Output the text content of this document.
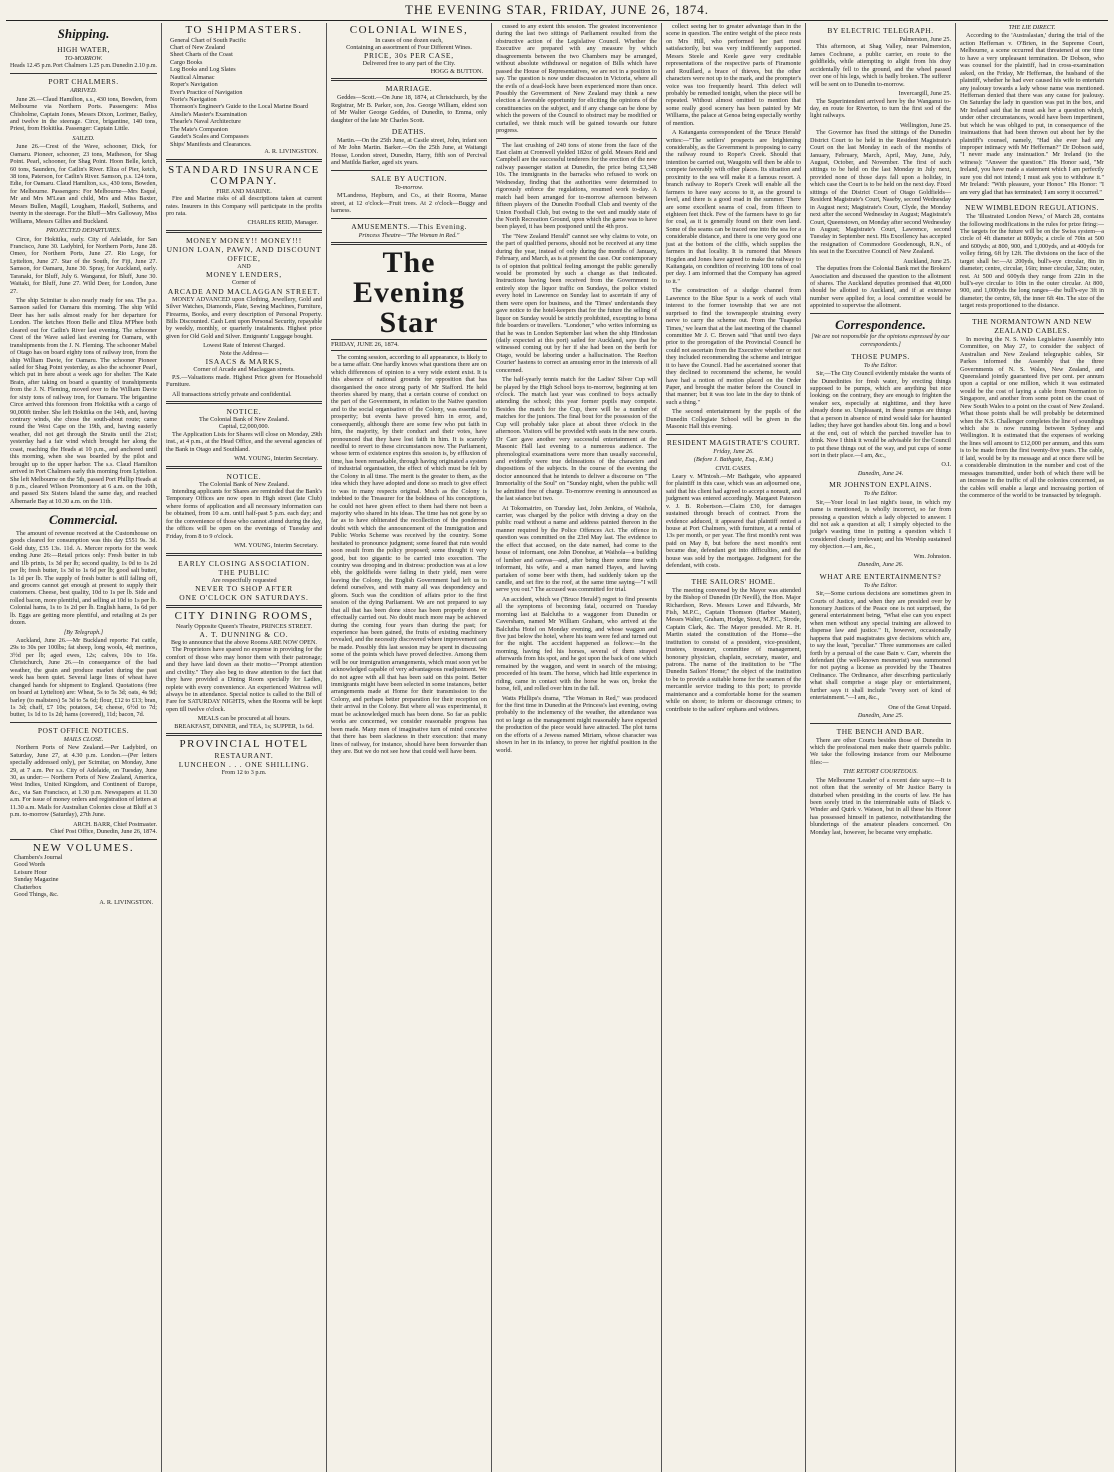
THE EVENING STAR, FRIDAY, JUNE 26, 1874.
Shipping.
HIGH WATER,
TO-MORROW.
Heads 12.45 p.m. Port Chalmers 1.25 p.m. Dunedin 2.10 p.m.
PORT CHALMERS.
ARRIVED.

June 26.—Claud Hamilton, s.s., 430 tons, Bowden, from Melbourne via Northern Ports. Passengers: Miss Chisholme, Captain Jones, Messrs Dixon, Lorimer, Bailey, and twelve in the steerage. Circe, brigantine, 140 tons, Priest, from Hokitika. Passenger: Captain Little.

SAILED.

June 26.—Crest of the Wave, schooner, Dick, for Oamaru. Pioneer, schooner, 23 tons, Matheson, for Shag Point. Pearl, schooner, for Shag Point. Hoon Belle, ketch, 60 tons, Saunders, for Catlin's River. Eliza of Pier, ketch, 38 tons, Paterson, for Catlin's River. Samson, p.s. 124 tons, Edie, for Oamaru. Claud Hamilton, s.s., 430 tons, Bowden, for Melbourne. Passengers: For Melbourne—Mrs Esqué, Mr and Mrs M'Lean and child, Mrs and Miss Baxter, Messrs Bullen, Magill, Lougham, Haskell, Sutherns, and twenty in the steerage. For the Bluff—Mrs Galloway, Miss Williams, Messrs Gillies and Buckland.

PROJECTED DEPARTURES.

Circe, for Hokitika, early. City of Adelaide, for San Francisco, June 30. Ladybird, for Northern Ports, June 28. Omeo, for Northern Ports, June 27. Rio Loge, for Lyttelton, June 27. Star of the South, for Fiji, June 27. Samson, for Oamaru, June 30. Spray, for Auckland, early. Taranaki, for Bluff, July 6. Wanganui, for Bluff, June 30. Waitaki, for Bluff, June 27. Wild Deer, for London, June 27.

The ship Scimitar is also nearly ready for sea. The p.s. Samson sailed for Oamaru this morning. The ship Wild Deer has her sails almost ready for her departure for London. The ketches Hoon Belle and Eliza M'Phee both cleared out for Catlin's River last evening. The schooner Crest of the Wave sailed last evening for Oamaru, with transhipments from the J. N. Fleming. The schooner Mabel of Otago has on board eighty tons of railway iron, from the ship William Davie, for Oamaru. The schooner Pioneer sailed for Shag Point yesterday, as also the schooner Pearl, which put in here about a week ago for shelter. The Kate Brain, after taking on board a quantity of transhipments from the J. N. Fleming, moved over to the William Davie for sixty tons of railway iron, for Oamaru. The brigantine Circe arrived this forenoon from Hokitika with a cargo of 90,000ft timber. She left Hokitika on the 14th, and, having contrary winds, she chose the south-about route; came round the West Cape on the 19th, and, having easterly weather, did not get through the Straits until the 21st; yesterday had a fair wind which brought her along the coast, reaching the Heads at 10 p.m., and anchored until this morning, when she was boarded by the pilot and brought up to the upper harbor. The s.s. Claud Hamilton arrived in Port Chalmers early this morning from Lyttelton. She left Melbourne on the 5th, passed Port Phillip Heads at 8 p.m., cleared Wilson Promontory at 6 a.m. on the 10th, and passed Six Sisters Island the same day, and reached Albemarle Bay at 10.30 a.m. on the 11th.

Commercial.

The amount of revenue received at the Customhouse on goods cleared for consumption was this day £551 9s. 3d. Gold duty, £35 13s. 11d. A. Mercer reports for the week ending June 26:—Retail prices only: Fresh butter in tub and 1lb prints, 1s 3d per lb; second quality, 1s 0d to 1s 2d per lb; fresh butter, 1s 3d to 1s 6d per lb; good salt butter, 1s 1d per lb. The supply of fresh butter is still falling off, and grocers cannot get enough at present to supply their customers. Cheese, best quality, 10d to 1s per lb. Side and rolled bacon, more plentiful, and selling at 10d to 1s per lb. Colonial hams, 1s to 1s 2d per lb. English hams, 1s 6d per lb. Eggs are getting more plentiful, and retailing at 2s per dozen.

[By Telegraph.]

Auckland, June 26.—Mr Buckland reports: Fat cattle, 29s to 30s per 100lbs; fat sheep, long wools, 4d; merinos, 3½d per lb; aged ewes, 12s; calves, 10s to 16s. Christchurch, June 26.—In consequence of the bad weather, the grain and produce market during the past week has been quiet. Several large lines of wheat have changed hands for shipment to England. Quotations (free on board at Lyttelton) are: Wheat, 5s to 5s 3d; oats, 4s 9d; barley (to maltsters) 5s 3d to 5s 6d; flour, £12 to £13; bran, 1s 3d; chaff, £7 10s; potatoes, £4; cheese, 6½d to 7d; butter, 1s 1d to 1s 2d; hams (covered), 11d; bacon, 7d.

POST OFFICE NOTICES.
MAILS CLOSE.

Northern Ports of New Zealand.—Per Ladybird, on Saturday, June 27, at 4.30 p.m. London.—(Per letters specially addressed only), per Scimitar, on Monday, June 29, at 7 a.m. Per s.s. City of Adelaide, on Tuesday, June 30, as under:— Northern Ports of New Zealand, America, West Indies, United Kingdom, and Continent of Europe, &c., via San Francisco, at 1.30 p.m. Newspapers at 11.30 a.m. For issue of money orders and registration of letters at 11.30 a.m. Mails for Australian Colonies close at Bluff at 3 p.m. to-morrow (Saturday), 27th June.

ARCH. BARR, Chief Postmaster.
Chief Post Office, Dunedin, June 26, 1874.
NEW VOLUMES.
Chambers's Journal
Good Words
Leisure Hour
Sunday Magazine
Chatterbox
Good Things, &c.
A. R. LIVINGSTON.
TO SHIPMASTERS.
General Chart of South Pacific
Chart of New Zealand
Sheet Charts of the Coast
Cargo Books
Log Books and Log Slates
Nautical Almanac
Roper's Navigation
Ever's Practice of Navigation
Norie's Navigation
Thomson's Engineer's Guide to the Local Marine Board
Ainslie's Master's Examination
Thearle's Naval Architecture
The Mate's Companion
Gaudet's Scales and Compasses
Ships' Manifests and Clearances.
A. R. LIVINGSTON.
STANDARD INSURANCE COMPANY.
FIRE AND MARINE.

Fire and Marine risks of all descriptions taken at current rates. Insurers in this Company will participate in the profits pro rata.

CHARLES REID, Manager.
MONEY MONEY!! MONEY!!!
UNION LOAN, PAWN, AND DISCOUNT OFFICE,
AND
MONEY LENDERS,
Corner of
ARCADE AND MACLAGGAN STREET.

MONEY ADVANCED upon Clothing, Jewellery, Gold and Silver Watches, Diamonds, Plate, Sewing Machines, Furniture, Firearms, Books, and every description of Personal Property. Bills Discounted. Cash Lent upon Personal Security, repayable by weekly, monthly, or quarterly instalments. Highest price given for Old Gold and Silver. Emigrants' Luggage bought.

Lowest Rate of Interest Charged.
Note the Address—
ISAACS & MARKS,
Corner of Arcade and Maclaggan streets.

P.S.—Valuations made. Highest Price given for Household Furniture.

All transactions strictly private and confidential.

NOTICE.
The Colonial Bank of New Zealand.
Capital, £2,000,000.

The Application Lists for Shares will close on Monday, 29th inst., at 4 p.m., at the Head Office, and the several agencies of the Bank in Otago and Southland.

WM. YOUNG, Interim Secretary.
NOTICE.
The Colonial Bank of New Zealand.

Intending applicants for Shares are reminded that the Bank's Temporary Offices are now open in High street (late Club) where forms of application and all necessary information can be obtained, from 10 a.m. until half-past 5 p.m. each day; and for the convenience of those who cannot attend during the day, the offices will be open on the evenings of Tuesday and Friday, from 8 to 9 o'clock.

WM. YOUNG, Interim Secretary.
EARLY CLOSING ASSOCIATION.
THE PUBLIC
Are respectfully requested
NEVER TO SHOP AFTER
ONE O'CLOCK ON SATURDAYS.
CITY DINING ROOMS,
Nearly Opposite Queen's Theatre, PRINCES STREET.
A. T. DUNNING & CO.
Beg to announce that the above Rooms ARE NOW OPEN.

The Proprietors have spared no expense in providing for the comfort of those who may honor them with their patronage; and they have laid down as their motto—"Prompt attention and civility." They also beg to draw attention to the fact that they have provided a Dining Room specially for Ladies, replete with every convenience. An experienced Waitress will always be in attendance. Special notice is called to the Bill of Fare for SATURDAY NIGHTS, when the Rooms will be kept open till twelve o'clock.

MEALS can be procured at all hours.
BREAKFAST, DINNER, and TEA, 1s; SUPPER, 1s 6d.
PROVINCIAL HOTEL
RESTAURANT.
LUNCHEON . . . ONE SHILLING.
From 12 to 3 p.m.
COLONIAL WINES,
In cases of one dozen each,
Containing an assortment of Four Different Wines.
PRICE, 30s PER CASE,
Delivered free to any part of the City.
HOGG & BUTTON.
MARRIAGE.

Geddes—Scott.—On June 18, 1874, at Christchurch, by the Registrar, Mr B. Parker, son, Jos. George William, eldest son of Mr Walter George Geddes, of Dunedin, to Emma, only daughter of the late Mr Charles Scott.

DEATHS.

Martin.—On the 25th June, at Castle street, John, infant son of Mr John Martin. Barker.—On the 25th June, at Waitangi House, London street, Dunedin, Harry, fifth son of Percival and Matilda Barker, aged six years.

SALE BY AUCTION.
To-morrow.

M'Landress, Hepburn, and Co., at their Rooms, Manse street, at 12 o'clock—Fruit trees. At 2 o'clock—Buggy and harness.

AMUSEMENTS.—This Evening.
Princess Theatre—"The Woman in Red."
The Evening Star
FRIDAY, JUNE 26, 1874.

The coming session, according to all appearance, is likely to be a tame affair. One hardly knows what questions there are on which differences of opinion to a very wide extent exist. It is this absence of national grounds for opposition that has disorganised the once strong party of Mr Stafford. He held theories shared by many, that a certain course of conduct on the part of the Government, in relation to the Native question and to the social organisation of the Colony, was essential to prosperity; but events have proved him in error, and, consequently, although there are some few who put faith in him, the majority, by their conduct and their votes, have pronounced that they have lost faith in him. It is scarcely needful to revert to these circumstances now. The Parliament, whose term of existence expires this session is, by effluxion of time, has been remarkable, through having originated a system of industrial organisation, the effect of which must be felt by the Colony in all time. The merit is the greater to them, as the idea which they have adopted and done so much to give effect to was in many respects original. Much as the Colony is indebted to the Treasurer for the boldness of his conceptions, he could not have given effect to them had there not been a majority who shared in his ideas. The time has not gone by so far as to have obliterated the recollection of the ponderous doubt with which the announcement of the Immigration and Public Works Scheme was received by the country. Some hesitated to pronounce judgment; some feared that ruin would soon result from the policy proposed; some thought it very good, but too gigantic to be carried into execution. The country was drooping and in distress: production was at a low ebb, the goldfields were failing in their yield, men were leaving the Colony, the English Government had left us to defend ourselves, and with many all was despondency and gloom. Such was the condition of affairs prior to the first session of the dying Parliament. We are not prepared to say that all that has been done since has been properly done or effectually carried out. No doubt much more may be achieved during the coming four years than during the past; for experience has been gained, the fruits of existing machinery revealed, and the necessity discovered where improvement can be made. Possibly this last session may be spent in discussing some of the points which have proved defective. Among them will be our immigration arrangements, which must soon yet be acknowledged capable of very advantageous readjustment. We do not agree with all that has been said on this point. Better immigrants might have been selected in some instances, better arrangements made at Home for their transmission to the Colony, and perhaps better preparation for their reception on their arrival in the Colony. But where all was experimental, it must be acknowledged much has been done. So far as public works are concerned, we consider reasonable progress has been made. Many men of imaginative turn of mind conceive that there has been slackness in their execution: that many lines of railway, for instance, should have been forwarder than they are. But we do not see how that could well have been.

cussed to any extent this session. The greatest inconvenience during the last two sittings of Parliament resulted from the obstructive action of the Legislative Council. Whether the Executive are prepared with any measure by which disagreements between the two Chambers may be arranged, without absolute withdrawal or negation of Bills which have passed the House of Representatives, we are not in a position to say. The question is now under discussion in Victoria, where all the evils of a dead-lock have been experienced more than once. Possibly the Government of New Zealand may think a new election a favorable opportunity for eliciting the opinions of the constituencies on the subject, and if any change can be done by which the powers of the Council to obstruct may be modified or curtailed, we think much will be gained towards our future progress.

The last crushing of 240 tons of stone from the face of the East claim at Cromwell yielded 182oz of gold. Messrs Reid and Campbell are the successful tenderers for the erection of the new railway passenger station at Dunedin, the price being £3,348 10s. The immigrants in the barracks who refused to work on Wednesday, finding that the authorities were determined to rigorously enforce the regulations, resumed work to-day. A match had been arranged for to-morrow afternoon between fifteen players of the Dunedin Football Club and twenty of the Union Football Club, but owing to the wet and muddy state of the North Recreation Ground, upon which the game was to have been played, it has been postponed until the 4th prox.

The "New Zealand Herald" cannot see why claims to vote, on the part of qualified persons, should not be received at any time during the year, instead of only during the months of January, February, and March, as is at present the case. Our contemporary is of opinion that political feeling amongst the public generally would be promoted by such a change as that indicated. Instructions having been received from the Government to entirely stop the liquor traffic on Sundays, the police visited every hotel in Lawrence on Sunday last to ascertain if any of them were open for business, and the 'Times' understands they gave notice to the hotel-keepers that for the future the selling of liquor on Sunday would be strictly prohibited, excepting to bona fide boarders or travellers. "Londoner," who writes informing us that he was in London September last when the ship Hindostan (daily expected at this port) sailed for Auckland, says that he witnessed coming out by her if she had been on the berth for Otago, would be laboring under a hallucination. The Reefton Courier' hastens to correct an amusing error in the interests of all concerned.

The half-yearly tennis match for the Ladies' Silver Cup will be played by the High School boys to-morrow, beginning at ten o'clock. The match last year was confined to boys actually attending the school; this year former pupils may compete. Besides the match for the Cup, there will be a number of matches for the juniors. The final bout for the possession of the Cup will probably take place at about three o'clock in the afternoon. Visitors will be provided with seats in the new courts. Dr Carr gave another very successful entertainment at the Masonic Hall last evening to a numerous audience. The phrenological examinations were more than usually successful, and evidently were true delineations of the characters and dispositions of the subjects. In the course of the evening the doctor announced that he intends to deliver a discourse on "The Immortality of the Soul" on "Sunday night, when the public will be admitted free of charge. To-morrow evening is announced as the last séance but two.

At Tokomairiro, on Tuesday last, John Jenkins, of Waihola, carrier, was charged by the police with driving a dray on the public road without a name and address painted thereon in the manner required by the Police Offences Act. The offence in question was committed on the 23rd May last. The evidence to the effect that accused, on the date named, had come to the house of informant, one John Donohue, at Waihola—a building of lumber and canvas—and, after being there some time with informant, his wife, and a man named Hayes, and having partaken of some beer with them, had suddenly taken up the candle, and set fire to the roof, at the same time saying—"I will serve you out." The accused was committed for trial.

An accident, which we ('Bruce Herald') regret to find presents all the symptoms of becoming fatal, occurred on Tuesday morning last at Balclutha to a waggoner from Dunedin or Caversham, named Mr William Graham, who arrived at the Balclutha Hotel on Monday evening, and whose waggon and five just below the hotel, where his team were fed and turned out for the night. The accident happened as follows:—In the morning, having fed his horses, several of them strayed afterwards from his spot, and he got upon the back of one which remained by the waggon, and went in search of the missing; proceeded of his team. The horse, which had little experience in riding, came in contact with the horse he was on, broke the horse, fell, and rolled over him in the fall.

Watts Phillips's drama, "The Woman in Red," was produced for the first time in Dunedin at the Princess's last evening, owing probably to the inclemency of the weather, the attendance was not so large as the management might reasonably have expected the production of the piece would have attracted. The plot turns on the efforts of a Jewess named Miriam, whose character was shown in her in its infancy, to prove her rightful position in the world.

collect seeing her to greater advantage than in the scene in question. The entire weight of the piece rests on Mrs Hill, who performed her part most satisfactorily, but was very indifferently supported. Messrs Steele and Keele gave very creditable representations of the respective parts of Firamonte and Rouillard, a brace of thieves, but the other characters were not up to the mark, and the prompter's voice was too frequently heard. This defect will probably be remedied tonight, when the piece will be repeated. Without almost omitted to mention that some really good scenery has been painted by Mr Williams, the palace at Genoa being especially worthy of mention.

A Katanganta correspondent of the 'Bruce Herald' writes:—"The settlers' prospects are brightening considerably, as the Government is proposing to carry the railway round to Roper's Creek. Should that intention be carried out, Waugoitu will then be able to compete favorably with other places. Its situation and proximity to the sea will make it a famous resort. A branch railway to Roper's Creek will enable all the farmers to have easy access to it, as the ground is level, and there is a good road in the summer. There are some excellent seams of coal, from fifteen to eighteen feet thick. Few of the farmers have to go far for coal, as it is generally found on their own land. Some of the seams can be traced one into the sea for a considerable distance, and there is one very good one just at the bottom of the cliffs, which supplies the farmers in that locality. It is rumored that Messrs Hogden and Jones have agreed to make the railway to Kaitangata, on condition of receiving 100 tons of coal per day. I am informed that the Company has agreed to it."

The construction of a sludge channel from Lawrence to the Blue Spur is a work of such vital interest to the former township that we are not surprised to find the townspeople straining every nerve to carry the scheme out. From the 'Tuapeka Times,' we learn that at the last meeting of the channel committee Mr J. C. Brown said "that until two days prior to the prorogation of the Provincial Council he could not ascertain from the Executive whether or not they included recommending the scheme and intrigue it to have the Council. Had he ascertained sooner that they declined to recommend the scheme, he would have had a notion of motion placed on the Order Paper, and brought the matter before the Council in that manner; but it was too late in the day to think of such a thing."

The second entertainment by the pupils of the Dunedin Collegiate School will be given in the Masonic Hall this evening.

RESIDENT MAGISTRATE'S COURT.
Friday, June 26.
(Before J. Bathgate, Esq., R.M.)
CIVIL CASES.

Leary v. M'Intosh.—Mr Bathgate, who appeared for plaintiff in this case, which was an adjourned one, said that his client had agreed to accept a nonsuit, and judgment was entered accordingly. Margaret Paterson v. J. B. Robertson.—Claim £30, for damages sustained through breach of contract. From the evidence adduced, it appeared that plaintiff rented a house at Port Chalmers, with furniture, at a rental of 13s per month, or per year. The first month's rent was paid on May 8, but before the next month's rent became due, defendant got into difficulties, and the house was sold by the mortgagee. Judgment for the defendant, with costs.

THE SAILORS' HOME.

The meeting convened by the Mayor was attended by the Bishop of Dunedin (Dr Nevill), the Hon. Major Richardson, Revs. Messrs Lowe and Edwards, Mr Fish, M.P.C., Captain Thomson (Harbor Master), Messrs Walter, Graham, Hodge, Stout, M.P.C., Strode, Captain Clark, &c. The Mayor presided. Mr R. H. Martin stated the constitution of the Home—the institution to consist of a president, vice-president, trustees, treasurer, committee of management, honorary physician, chaplain, secretary, master, and patrons. The name of the institution to be "The Dunedin Sailors' Home;" the object of the institution to be to provide a suitable home for the seamen of the mercantile service trading to this port; to provide maintenance and a comfortable home for the seamen while on shore; to inform or discourage crimes; to contribute to the sailors' orphans and widows.

BY ELECTRIC TELEGRAPH.
Palmerston, June 25.

This afternoon, at Shag Valley, near Palmerston, James Cochrane, a public carrier, en route to the goldfields, while attempting to alight from his dray accidentally fell to the ground, and the wheel passed over one of his legs, which is badly broken. The sufferer will be sent on to Dunedin to-morrow.

Invercargill, June 25.

The Superintendent arrived here by the Wanganui to-day, en route for Riverton, to turn the first sod of the light railways.

Wellington, June 25.

The Governor has fixed the sittings of the Dunedin District Court to be held in the Resident Magistrate's Court on the last Monday in each of the months of January, February, March, April, May, June, July, August, October, and November. The first of such sittings to be held on the last Monday in July next, provided none of those days fall upon a holiday, in which case the Court is to be held on the next day. Fixed sittings of the District Court of Otago Goldfields—Resident Magistrate's Court, Naseby, second Wednesday in August next; Magistrate's Court, Clyde, the Monday next after the second Wednesday in August; Magistrate's Court, Queenstown, on Monday after second Wednesday in August; Magistrate's Court, Lawrence, second Tuesday in September next. His Excellency has accepted the resignation of Commodore Goodenough, R.N., of his seat in the Executive Council of New Zealand.

Auckland, June 25.

The deputies from the Colonial Bank met the Brokers' Association and discussed the question to the allotment of shares. The Auckland deputies promised that 40,000 should be allotted to Auckland, and if at extensive number were applied for, a local committee would be appointed to supervise the allotment.

Correspondence.
[We are not responsible for the opinions expressed by our correspondents.]
THOSE PUMPS.
To the Editor.

Sir,—The City Council evidently mistake the wants of the Dunedinites for fresh water, by erecting things supposed to be pumps, which are anything but nice looking; on the contrary, they are enough to frighten the weaker sex, especially at nighttime, and they have already done so. Unpleasant, in these pumps are things that a person in absence of mind would take for haunted ladies; they have got handles about 6in. long and a bowl at the end, out of which the parched traveller has to drink. Now I think it would be advisable for the Council to put these things out of the way, and put cups of some sort in their place.—I am, &c.,

O.I.
Dunedin, June 24.
MR JOHNSTON EXPLAINS.
To the Editor.

Sir,—Your local in last night's issue, in which my name is mentioned, is wholly incorrect, so far from pressing a question which a lady objected to answer. I did not ask a question at all; I simply objected to the judge's wasting time in putting a question which I considered clearly irrelevant; and his Worship sustained my objection.—I am, &c.,

Wm. Johnston.
Dunedin, June 26.
WHAT ARE ENTERTAINMENTS?
To the Editor.

Sir,—Some curious decisions are sometimes given in Courts of Justice, and when they are presided over by honorary Justices of the Peace one is not surprised, the general entertainment being, "What else can you expect when men without any special training are allowed to dispense law and justice." It, however, occasionally happens that paid magistrates give decisions which are, to say the least, "peculiar." Three summonses are called forth by a perusal of the case Bain v. Carr, wherein the defendant (the well-known mesmerist) was summoned for not paying a license as provided by the Theatres Ordinance. The Ordinance, after describing particularly what shall comprise a stage play or entertainment, further says it shall include "every sort of kind of entertainment."—I am, &c.,

One of the Great Unpaid.
Dunedin, June 25.
THE BENCH AND BAR.

There are other Courts besides those of Dunedin in which the professional men make their quarrels public. We take the following instance from our Melbourne files:—

THE RETORT COURTEOUS.

The Melbourne 'Leader' of a recent date says:—It is not often that the serenity of Mr Justice Barry is disturbed when presiding in the courts of law. He has been sorely tried in the interminable suits of Black v. Winder and Quirk v. Watson, but in all these his Honor has possessed himself in patience, notwithstanding the blunderings of the amateur pleaders concerned. On Monday last, however, he became very emphatic.

THE LIE DIRECT.

According to the 'Australasian,' during the trial of the action Heffernan v. O'Brien, in the Supreme Court, Melbourne, a scene occurred that threatened at one time to have a very unpleasant termination. Dr Dobson, who was counsel for the plaintiff, had in cross-examination asked, on the Friday, Mr Heffernan, the husband of the plaintiff, whether he had ever caused his wife to entertain any jealousy towards a lady whose name was mentioned. Heffernan denied that there was any cause for jealousy. On Saturday the lady in question was put in the box, and Mr Ireland said that he must ask her a question which, under other circumstances, would have been impertinent, but which he was obliged to put, in consequence of the insinuations that had been thrown out about her by the plaintiff's counsel, namely, "Had she ever had any improper intimacy with Mr Heffernan?" Dr Dobson said, "I never made any insinuation." Mr Ireland (to the witness): "Answer the question." His Honor said, "Mr Ireland, you have made a statement which I am perfectly sure you did not intend; I must ask you to withdraw it." Mr Ireland: "With pleasure, your Honor." His Honor: "I am very glad that has terminated; I am sorry it occurred."

NEW WIMBLEDON REGULATIONS.

The 'Illustrated London News,' of March 28, contains the following modifications in the rules for prize firing:— The targets for the future will be on the Swiss system—a circle of 4ft diameter at 800yds; a circle of 70in at 500 and 600yds; at 800, 900, and 1,000yds, and at 400yds for volley firing, 6ft by 12ft. The divisions on the face of the target shall be:—At 200yds, bull's-eye circular, 8in in diameter; centre, circular, 16in; inner circular, 32in; outer, rest. At 500 and 600yds they range from 22in in the bull's-eye circular to 10in in the outer circular. At 800, 900, and 1,000yds the long ranges—the bull's-eye 3ft in diameter; the centre, 6ft, the inner 6ft 4in. The size of the target rests proportioned to the distance.

THE NORMANTOWN AND NEW ZEALAND CABLES.

In moving the N. S. Wales Legislative Assembly into Committee, on May 27, to consider the subject of Australian and New Zealand telegraphic cables, Sir Parkes informed the Assembly that the three Governments of N. S. Wales, New Zealand, and Queensland jointly guaranteed five per cent. per annum upon a capital or one million, which it was estimated would be the cost of laying a cable from Normanton to Singapore, and another from some point on the coast of New South Wales to a point on the coast of New Zealand. What those points shall be will probably be determined when the N.S. Challenger completes the line of soundings which she is now running between Sydney and Wellington. It is estimated that the expenses of working the lines will amount to £12,000 per annum, and this sum is to be made from the first twenty-five years. The cable, if laid, would be by its message and at once there will be a considerable diminution in the number and cost of the messages transmitted, under both of which there will be an increase in the traffic of all the colonies concerned, as the cables will enable a large and increasing portion of the commerce of the world to be transacted by telegraph.
